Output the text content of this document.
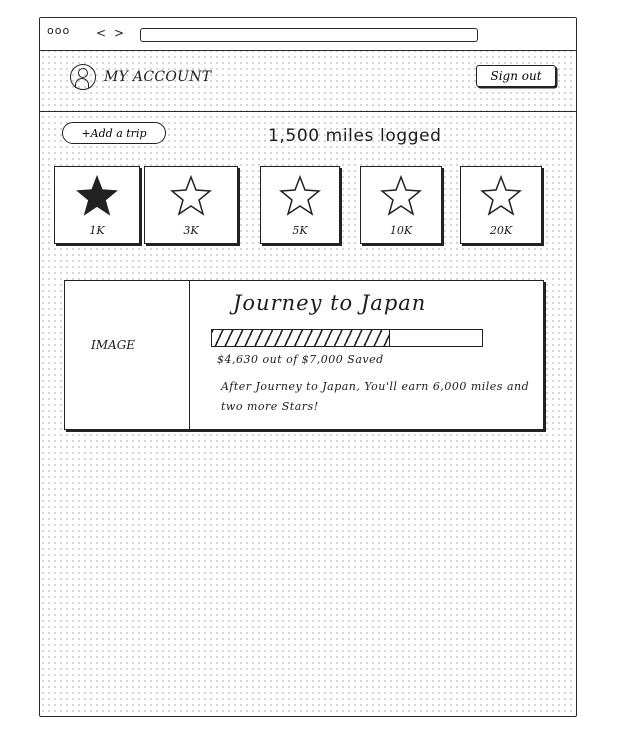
ooo < >
MY ACCOUNT	Sign out
+Add a trip	1,500 miles logged
1K	3K	5K	10K	20K
IMAGE
Journey to Japan
$4,630 out of $7,000 Saved
After Journey to Japan, You'll earn 6,000 miles and two more Stars!
